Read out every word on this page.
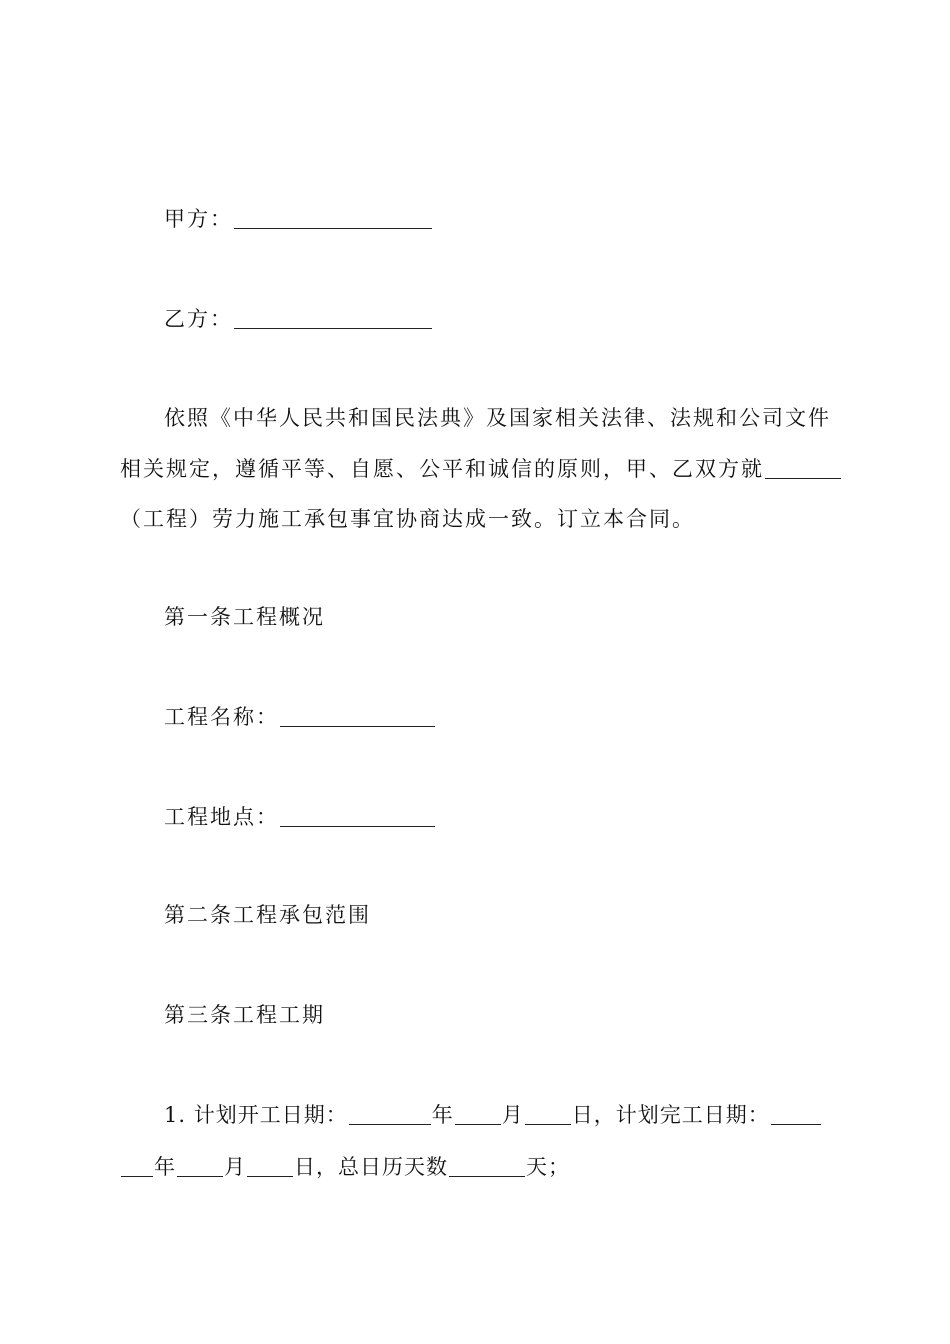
甲方：
乙方：
依照《中华人民共和国民法典》及国家相关法律、法规和公司文件
相关规定，遵循平等、自愿、公平和诚信的原则，甲、乙双方就
（工程）劳力施工承包事宜协商达成一致。订立本合同。
第一条工程概况
工程名称：
工程地点：
第二条工程承包范围
第三条工程工期
1. 计划开工日期：	年 月 日，计划完工日期：
年 月 日，总日历天数	天；
